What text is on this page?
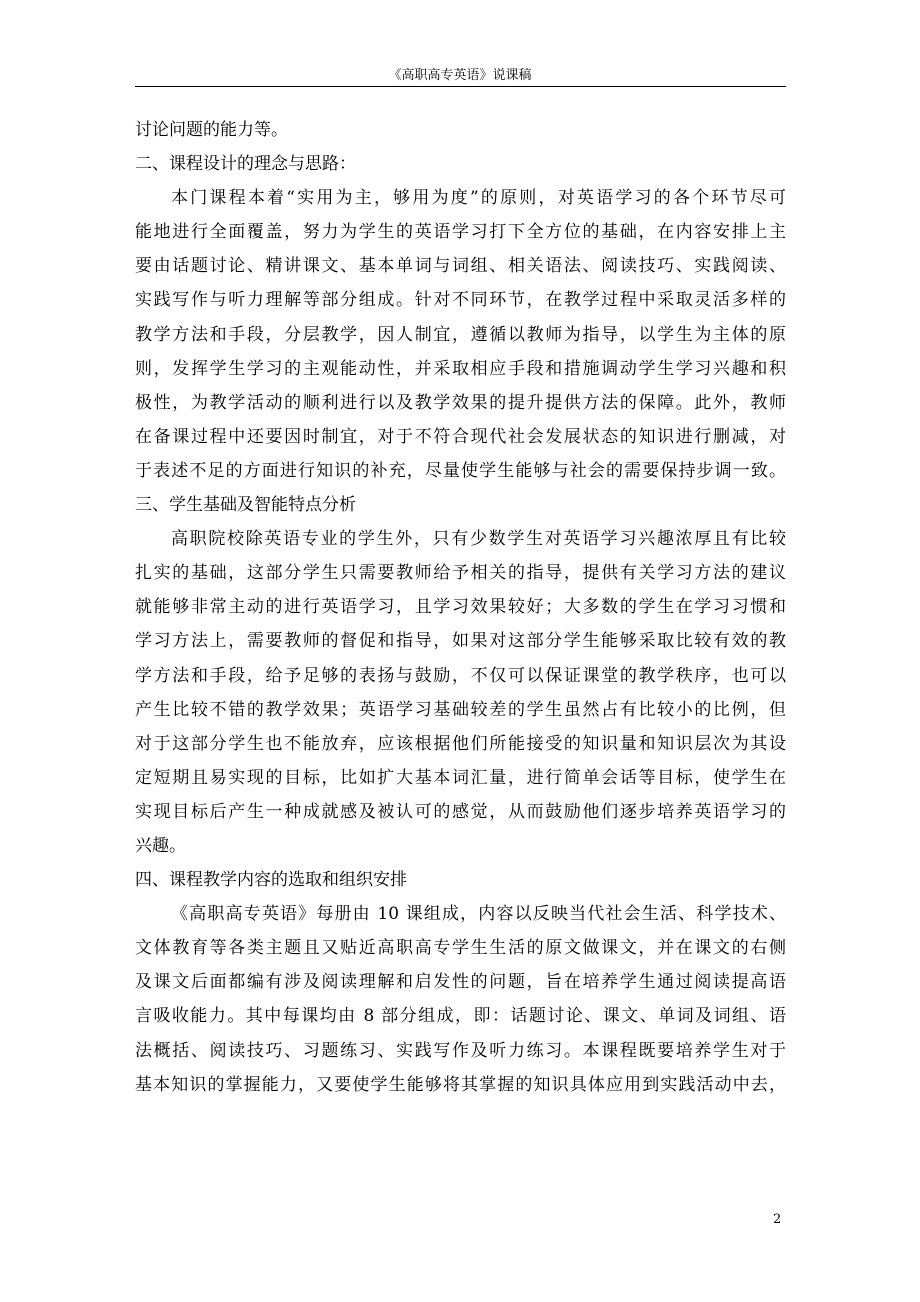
《高职高专英语》说课稿
讨论问题的能力等。
二、课程设计的理念与思路：
本门课程本着“实用为主，够用为度”的原则，对英语学习的各个环节尽可
能地进行全面覆盖，努力为学生的英语学习打下全方位的基础，在内容安排上主
要由话题讨论、精讲课文、基本单词与词组、相关语法、阅读技巧、实践阅读、
实践写作与听力理解等部分组成。针对不同环节，在教学过程中采取灵活多样的
教学方法和手段，分层教学，因人制宜，遵循以教师为指导，以学生为主体的原
则，发挥学生学习的主观能动性，并采取相应手段和措施调动学生学习兴趣和积
极性，为教学活动的顺利进行以及教学效果的提升提供方法的保障。此外，教师
在备课过程中还要因时制宜，对于不符合现代社会发展状态的知识进行删减，对
于表述不足的方面进行知识的补充，尽量使学生能够与社会的需要保持步调一致。
三、学生基础及智能特点分析
高职院校除英语专业的学生外，只有少数学生对英语学习兴趣浓厚且有比较
扎实的基础，这部分学生只需要教师给予相关的指导，提供有关学习方法的建议
就能够非常主动的进行英语学习，且学习效果较好；大多数的学生在学习习惯和
学习方法上，需要教师的督促和指导，如果对这部分学生能够采取比较有效的教
学方法和手段，给予足够的表扬与鼓励，不仅可以保证课堂的教学秩序，也可以
产生比较不错的教学效果；英语学习基础较差的学生虽然占有比较小的比例，但
对于这部分学生也不能放弃，应该根据他们所能接受的知识量和知识层次为其设
定短期且易实现的目标，比如扩大基本词汇量，进行简单会话等目标，使学生在
实现目标后产生一种成就感及被认可的感觉，从而鼓励他们逐步培养英语学习的
兴趣。
四、课程教学内容的选取和组织安排
《高职高专英语》每册由 10 课组成，内容以反映当代社会生活、科学技术、
文体教育等各类主题且又贴近高职高专学生生活的原文做课文，并在课文的右侧
及课文后面都编有涉及阅读理解和启发性的问题，旨在培养学生通过阅读提高语
言吸收能力。其中每课均由 8 部分组成，即：话题讨论、课文、单词及词组、语
法概括、阅读技巧、习题练习、实践写作及听力练习。本课程既要培养学生对于
基本知识的掌握能力，又要使学生能够将其掌握的知识具体应用到实践活动中去，
2
